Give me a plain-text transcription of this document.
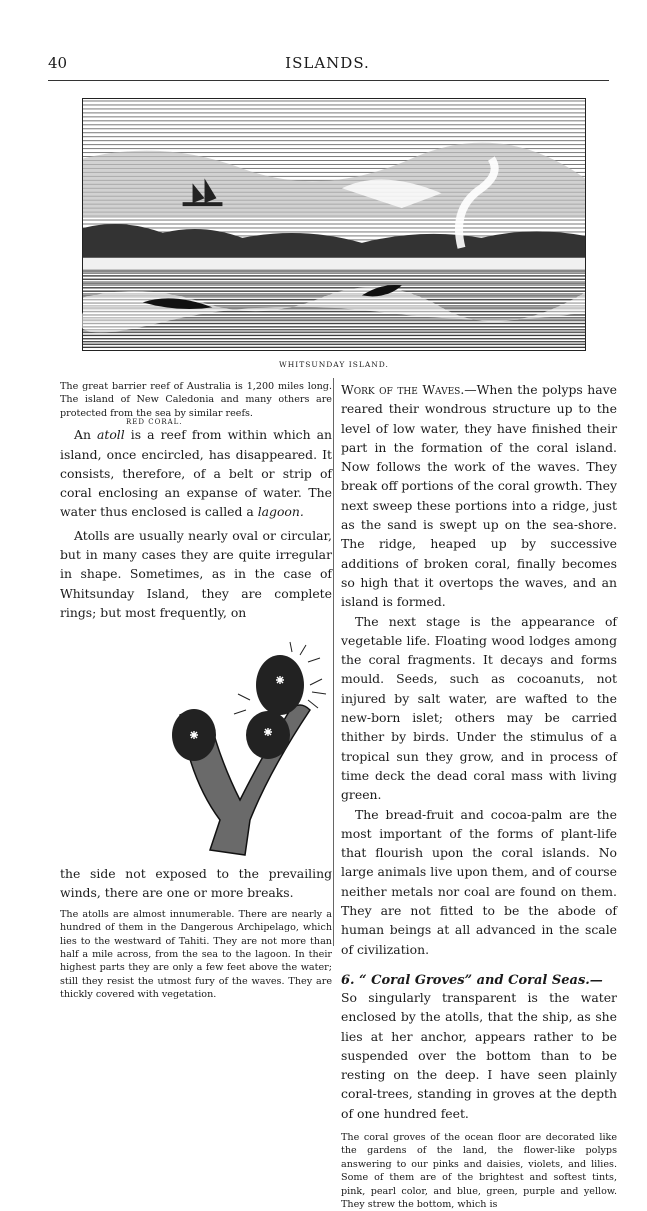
40	ISLANDS.
WHITSUNDAY ISLAND.

The great barrier reef of Australia is 1,200 miles long. The island of New Caledonia and many others are protected from the sea by similar reefs.

An atoll is a reef from within which an island, once encircled, has disappeared. It consists, therefore, of a belt or strip of coral enclosing an expanse of water. The water thus enclosed is called a lagoon.

Atolls are usually nearly oval or circular, but in many cases they are quite irregular in shape. Sometimes, as in the case of Whitsunday Island, they are complete rings; but most frequently, on

the side not exposed to the prevailing winds, there are one or more breaks.

The atolls are almost innumerable. There are nearly a hundred of them in the Dangerous Archipelago, which lies to the westward of Tahiti. They are not more than half a mile across, from the sea to the lagoon. In their highest parts they are only a few feet above the water; still they resist the utmost fury of the waves. They are thickly covered with vegetation.

RED CORAL.

Work of the Waves.—When the polyps have reared their wondrous structure up to the level of low water, they have finished their part in the formation of the coral island. Now follows the work of the waves. They break off portions of the coral growth. They next sweep these portions into a ridge, just as the sand is swept up on the sea-shore. The ridge, heaped up by successive additions of broken coral, finally becomes so high that it overtops the waves, and an island is formed.

The next stage is the appearance of vegetable life. Floating wood lodges among the coral fragments. It decays and forms mould. Seeds, such as cocoanuts, not injured by salt water, are wafted to the new-born islet; others may be carried thither by birds. Under the stimulus of a tropical sun they grow, and in process of time deck the dead coral mass with living green.

The bread-fruit and cocoa-palm are the most important of the forms of plant-life that flourish upon the coral islands. No large animals live upon them, and of course neither metals nor coal are found on them. They are not fitted to be the abode of human beings at all advanced in the scale of civilization.

6. “ Coral Groves” and Coral Seas.—

So singularly transparent is the water enclosed by the atolls, that the ship, as she lies at her anchor, appears rather to be suspended over the bottom than to be resting on the deep. I have seen plainly coral-trees, standing in groves at the depth of one hundred feet.

The coral groves of the ocean floor are decorated like the gardens of the land, the flower-like polyps answering to our pinks and daisies, violets, and lilies. Some of them are of the brightest and softest tints, pink, pearl color, and blue, green, purple and yellow. They strew the bottom, which is
